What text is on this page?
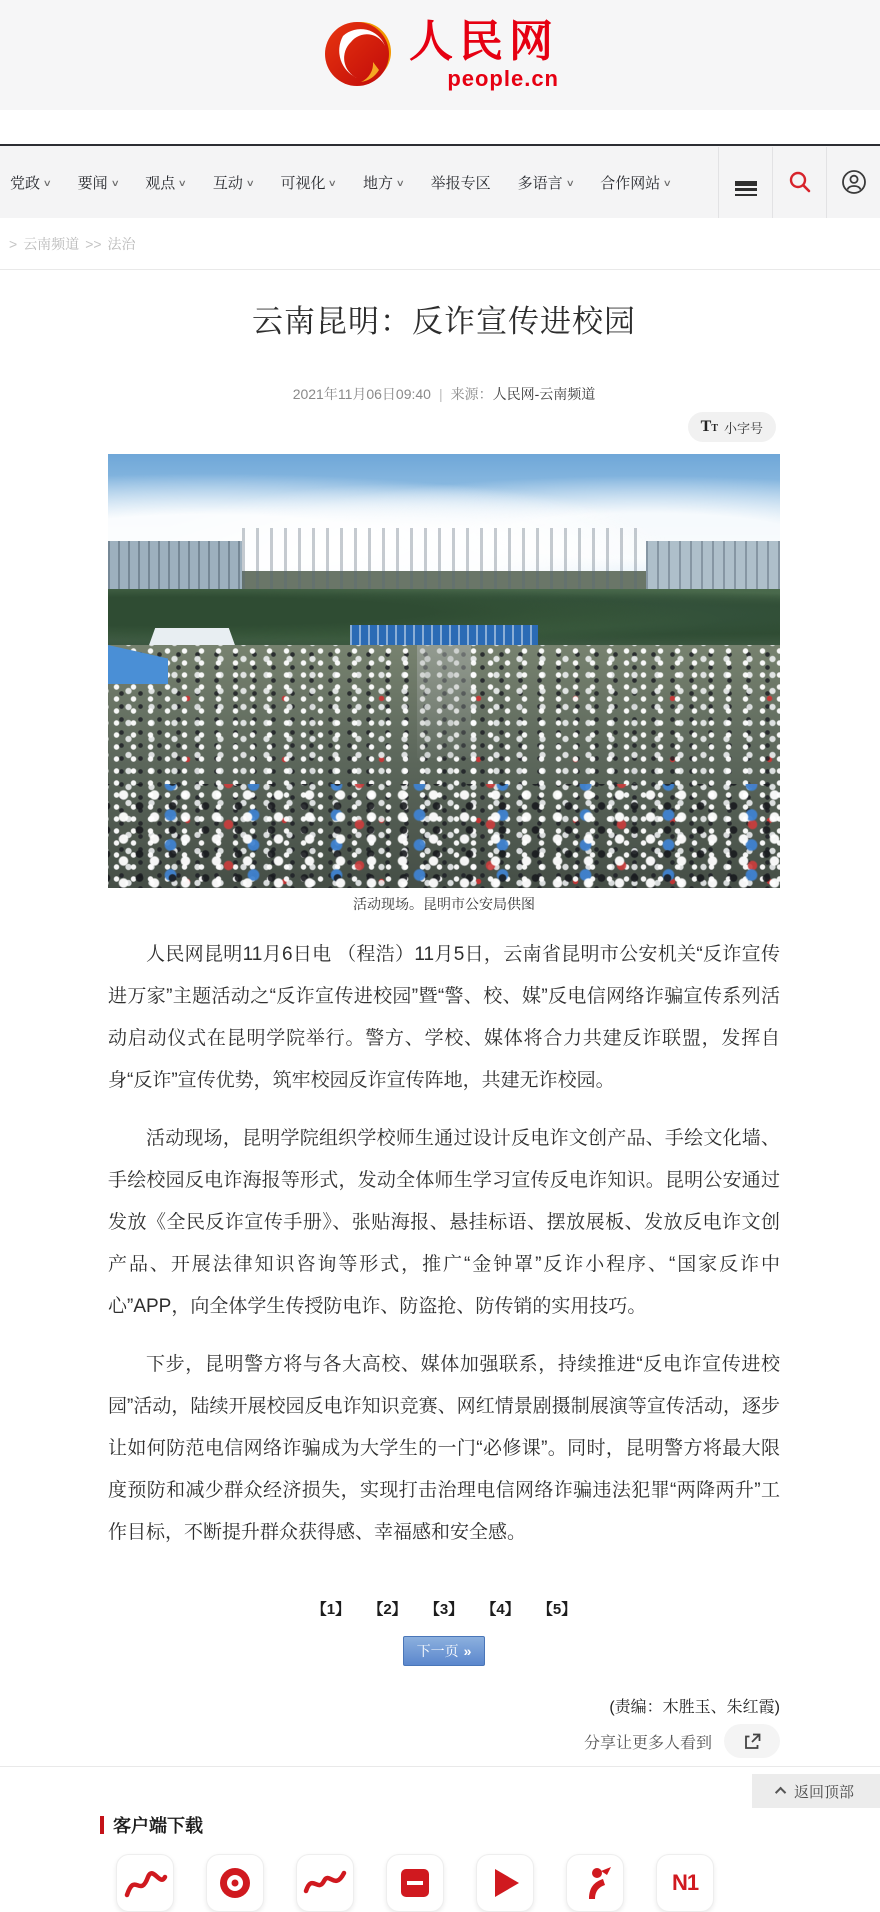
人民网
people.cn
党政 ∨ 要闻 ∨ 观点 ∨ 互动 ∨ 可视化 ∨ 地方 ∨ 举报专区 多语言 ∨ 合作网站 ∨
> 云南频道 >> 法治
云南昆明：反诈宣传进校园
2021年11月06日09:40 | 来源：人民网-云南频道
TT 小字号
活动现场。昆明市公安局供图

人民网昆明11月6日电 （程浩）11月5日，云南省昆明市公安机关“反诈宣传进万家”主题活动之“反诈宣传进校园”暨“警、校、媒”反电信网络诈骗宣传系列活动启动仪式在昆明学院举行。警方、学校、媒体将合力共建反诈联盟，发挥自身“反诈”宣传优势，筑牢校园反诈宣传阵地，共建无诈校园。

活动现场，昆明学院组织学校师生通过设计反电诈文创产品、手绘文化墙、手绘校园反电诈海报等形式，发动全体师生学习宣传反电诈知识。昆明公安通过发放《全民反诈宣传手册》、张贴海报、悬挂标语、摆放展板、发放反电诈文创产品、开展法律知识咨询等形式，推广“金钟罩”反诈小程序、“国家反诈中心”APP，向全体学生传授防电诈、防盗抢、防传销的实用技巧。

下步，昆明警方将与各大高校、媒体加强联系，持续推进“反电诈宣传进校园”活动，陆续开展校园反电诈知识竞赛、网红情景剧摄制展演等宣传活动，逐步让如何防范电信网络诈骗成为大学生的一门“必修课”。同时，昆明警方将最大限度预防和减少群众经济损失，实现打击治理电信网络诈骗违法犯罪“两降两升”工作目标，不断提升群众获得感、幸福感和安全感。

【1】 【2】 【3】 【4】 【5】
下一页 »
(责编：木胜玉、朱红霞)
分享让更多人看到
返回顶部
客户端下载
N1
